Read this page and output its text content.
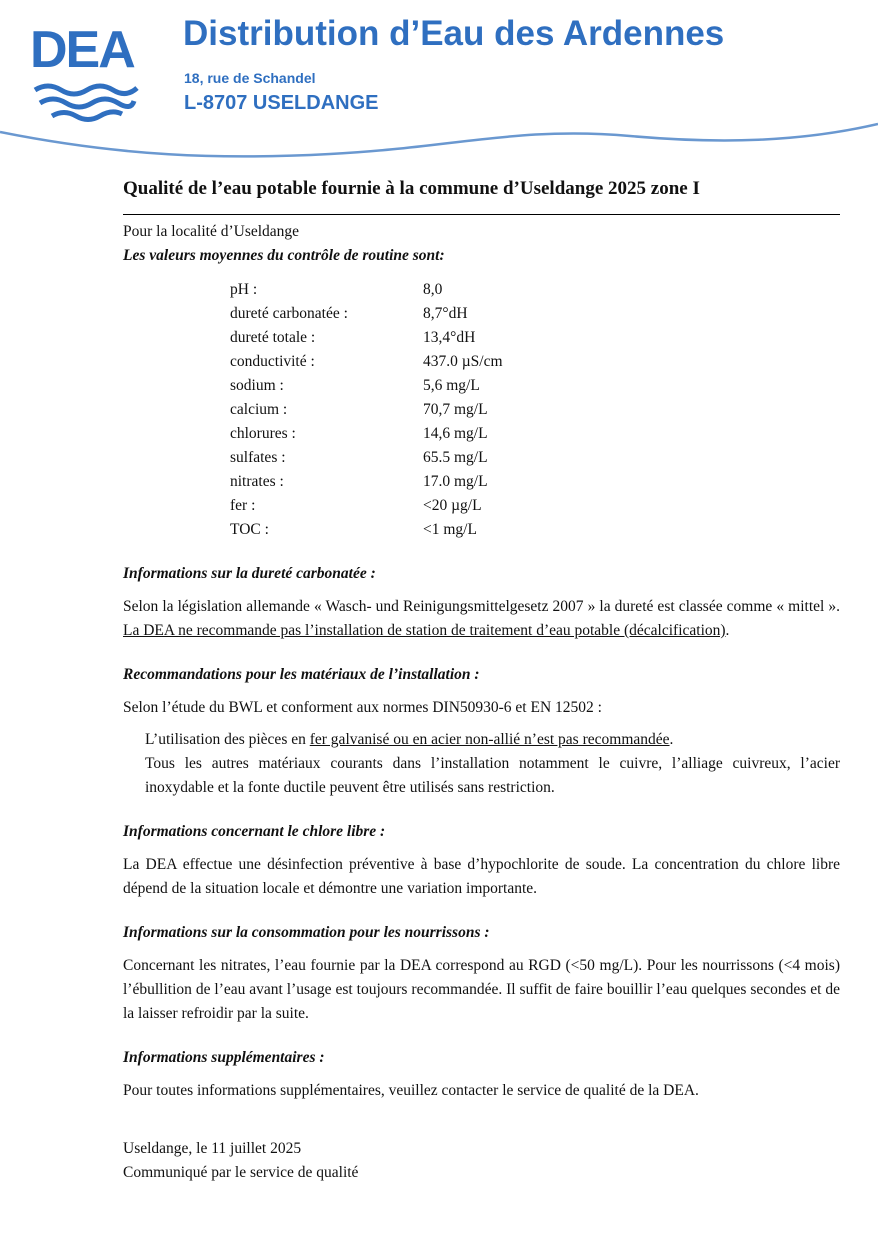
DEA Distribution d’Eau des Ardennes
18, rue de Schandel
L-8707 USELDANGE
Qualité de l’eau potable fournie à la commune d’Useldange 2025 zone I

Pour la localité d’Useldange

Les valeurs moyennes du contrôle de routine sont:

pH :	8,0
dureté carbonatée :	8,7°dH
dureté totale :	13,4°dH
conductivité :	437.0 µS/cm
sodium :	5,6 mg/L
calcium :	70,7 mg/L
chlorures :	14,6 mg/L
sulfates :	65.5 mg/L
nitrates :	17.0 mg/L
fer :	<20 µg/L
TOC :	<1 mg/L

Informations sur la dureté carbonatée :

Selon la législation allemande « Wasch- und Reinigungsmittelgesetz 2007 » la dureté est classée comme « mittel ». La DEA ne recommande pas l’installation de station de traitement d’eau potable (décalcification).

Recommandations pour les matériaux de l’installation :

Selon l’étude du BWL et conforment aux normes DIN50930-6 et EN 12502 :

L’utilisation des pièces en fer galvanisé ou en acier non-allié n’est pas recommandée.

Tous les autres matériaux courants dans l’installation notamment le cuivre, l’alliage cuivreux, l’acier inoxydable et la fonte ductile peuvent être utilisés sans restriction.

Informations concernant le chlore libre :

La DEA effectue une désinfection préventive à base d’hypochlorite de soude. La concentration du chlore libre dépend de la situation locale et démontre une variation importante.

Informations sur la consommation pour les nourrissons :

Concernant les nitrates, l’eau fournie par la DEA correspond au RGD (<50 mg/L). Pour les nourrissons (<4 mois) l’ébullition de l’eau avant l’usage est toujours recommandée. Il suffit de faire bouillir l’eau quelques secondes et de la laisser refroidir par la suite.

Informations supplémentaires :

Pour toutes informations supplémentaires, veuillez contacter le service de qualité de la DEA.

Useldange, le 11 juillet 2025

Communiqué par le service de qualité
